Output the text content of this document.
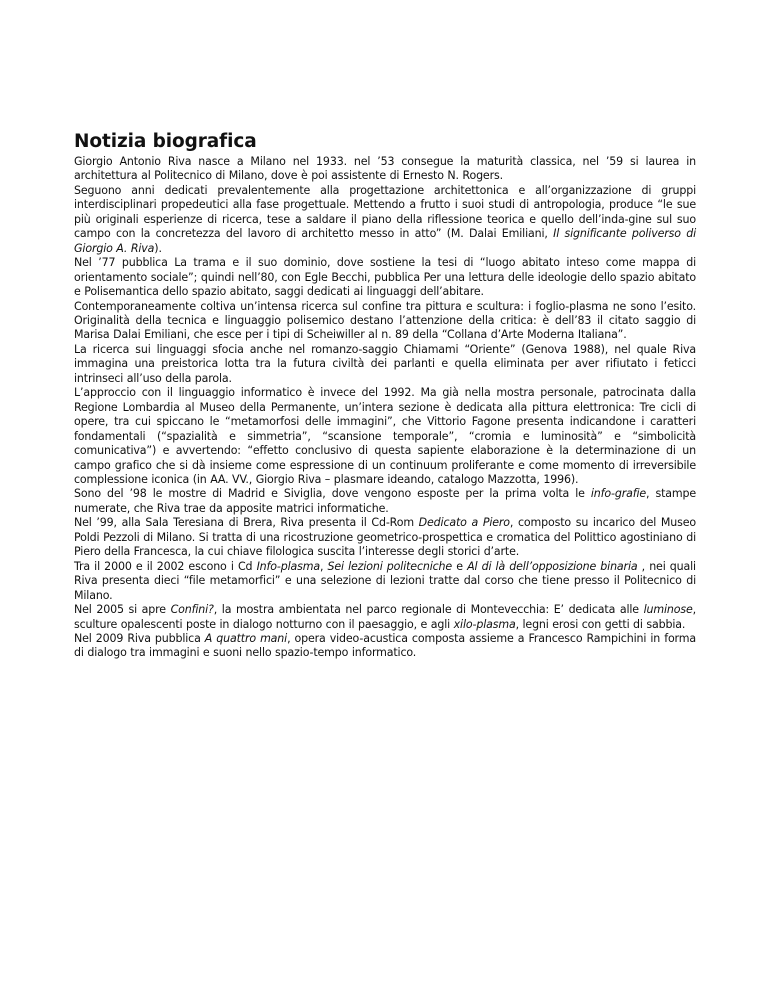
Notizia biografica

Giorgio Antonio Riva nasce a Milano nel 1933. nel ’53 consegue la maturità classica, nel ’59 si laurea in architettura al Politecnico di Milano, dove è poi assistente di Ernesto N. Rogers.

Seguono anni dedicati prevalentemente alla progettazione architettonica e all’organizzazione di gruppi interdisciplinari propedeutici alla fase progettuale. Mettendo a frutto i suoi studi di antropologia, produce “le sue più originali esperienze di ricerca, tese a saldare il piano della riflessione teorica e quello dell’inda-gine sul suo campo con la concretezza del lavoro di architetto messo in atto” (M. Dalai Emiliani, Il significante poliverso di Giorgio A. Riva).

Nel ’77 pubblica La trama e il suo dominio, dove sostiene la tesi di “luogo abitato inteso come mappa di orientamento sociale”; quindi nell’80, con Egle Becchi, pubblica Per una lettura delle ideologie dello spazio abitato e Polisemantica dello spazio abitato, saggi dedicati ai linguaggi dell’abitare.

Contemporaneamente coltiva un’intensa ricerca sul confine tra pittura e scultura: i foglio-plasma ne sono l’esito. Originalità della tecnica e linguaggio polisemico destano l’attenzione della critica: è dell’83 il citato saggio di Marisa Dalai Emiliani, che esce per i tipi di Scheiwiller al n. 89 della “Collana d’Arte Moderna Italiana”.

La ricerca sui linguaggi sfocia anche nel romanzo-saggio Chiamami “Oriente” (Genova 1988), nel quale Riva immagina una preistorica lotta tra la futura civiltà dei parlanti e quella eliminata per aver rifiutato i feticci intrinseci all’uso della parola.

L’approccio con il linguaggio informatico è invece del 1992. Ma già nella mostra personale, patrocinata dalla Regione Lombardia al Museo della Permanente, un’intera sezione è dedicata alla pittura elettronica: Tre cicli di opere, tra cui spiccano le “metamorfosi delle immagini”, che Vittorio Fagone presenta indicandone i caratteri fondamentali (“spazialità e simmetria”, “scansione temporale”, “cromia e luminosità” e “simbolicità comunicativa”) e avvertendo: “effetto conclusivo di questa sapiente elaborazione è la determinazione di un campo grafico che si dà insieme come espressione di un continuum proliferante e come momento di irreversibile complessione iconica (in AA. VV., Giorgio Riva – plasmare ideando, catalogo Mazzotta, 1996).

Sono del ’98 le mostre di Madrid e Siviglia, dove vengono esposte per la prima volta le info-grafie, stampe numerate, che Riva trae da apposite matrici informatiche.

Nel ’99, alla Sala Teresiana di Brera, Riva presenta il Cd-Rom Dedicato a Piero, composto su incarico del Museo Poldi Pezzoli di Milano. Si tratta di una ricostruzione geometrico-prospettica e cromatica del Polittico agostiniano di Piero della Francesca, la cui chiave filologica suscita l’interesse degli storici d’arte.

Tra il 2000 e il 2002 escono i Cd Info-plasma, Sei lezioni politecniche e Al di là dell’opposizione binaria , nei quali Riva presenta dieci “file metamorfici” e una selezione di lezioni tratte dal corso che tiene presso il Politecnico di Milano.

Nel 2005 si apre Confini?, la mostra ambientata nel parco regionale di Montevecchia: E’ dedicata alle luminose, sculture opalescenti poste in dialogo notturno con il paesaggio, e agli xilo-plasma, legni erosi con getti di sabbia.

Nel 2009 Riva pubblica A quattro mani, opera video-acustica composta assieme a Francesco Rampichini in forma di dialogo tra immagini e suoni nello spazio-tempo informatico.
